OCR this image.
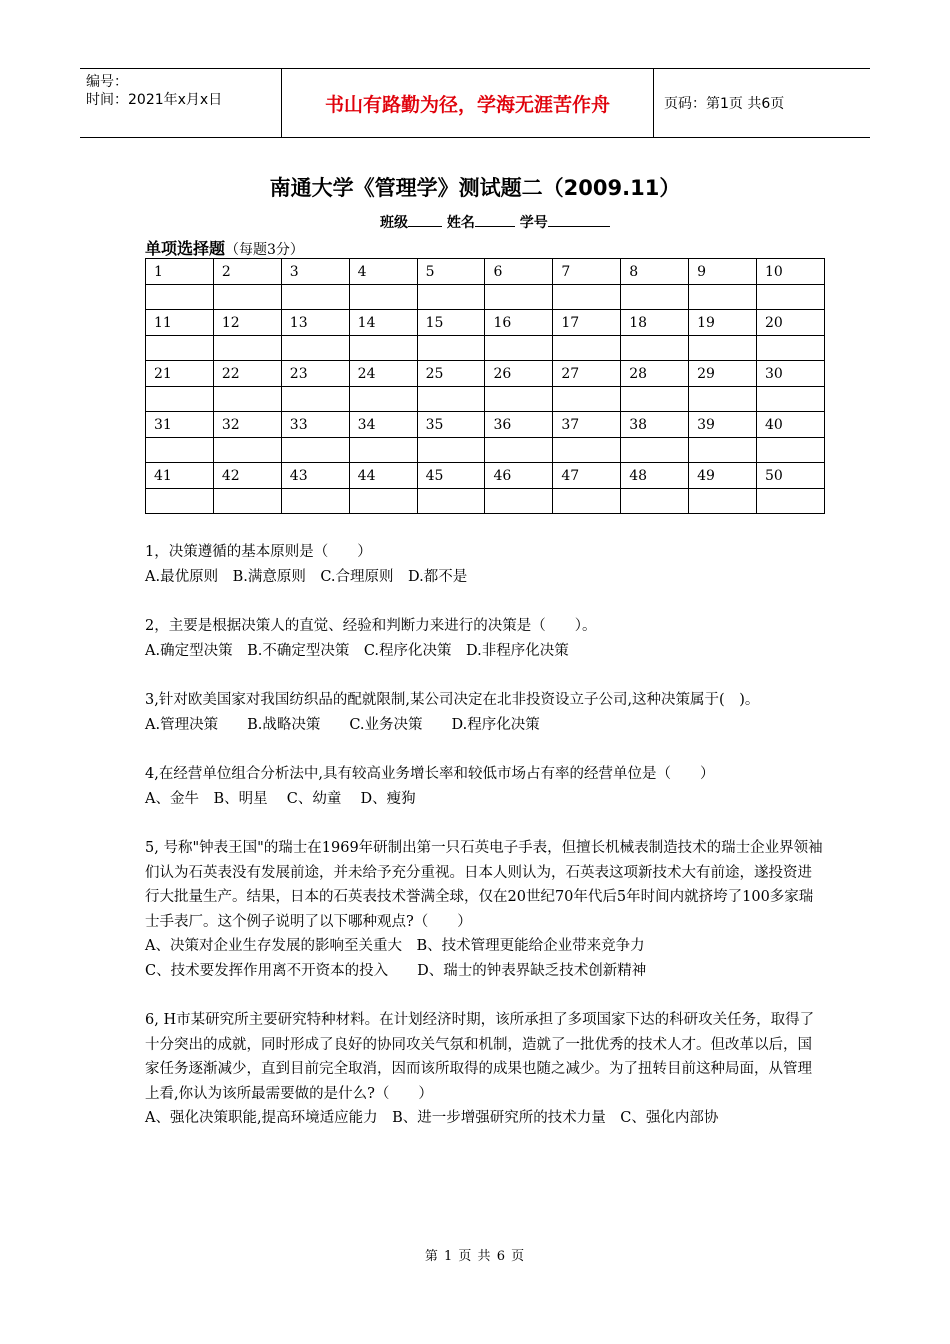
编号：
时间：2021年x月x日	书山有路勤为径，学海无涯苦作舟	页码：第1页 共6页
南通大学《管理学》测试题二（2009.11）
班级	姓名	学号
单项选择题（每题3分）
1	2	3	4	5	6	7	8	9	10

11	12	13	14	15	16	17	18	19	20

21	22	23	24	25	26	27	28	29	30

31	32	33	34	35	36	37	38	39	40

41	42	43	44	45	46	47	48	49	50

1，决策遵循的基本原则是（　　）

A.最优原则　B.满意原则　C.合理原则　D.都不是

2，主要是根据决策人的直觉、经验和判断力来进行的决策是（　　）。

A.确定型决策　B.不确定型决策　C.程序化决策　D.非程序化决策

3,针对欧美国家对我国纺织品的配就限制,某公司决定在北非投资设立子公司,这种决策属于(　)。

A.管理决策　　B.战略决策　　C.业务决策　　D.程序化决策

4,在经营单位组合分析法中,具有较高业务增长率和较低市场占有率的经营单位是（　　）

A、金牛　B、明星　 C、幼童　 D、瘦狗

5, 号称"钟表王国"的瑞士在1969年研制出第一只石英电子手表，但擅长机械表制造技术的瑞士企业界领袖们认为石英表没有发展前途，并未给予充分重视。日本人则认为，石英表这项新技术大有前途，遂投资进行大批量生产。结果，日本的石英表技术誉满全球，仅在20世纪70年代后5年时间内就挤垮了100多家瑞士手表厂。这个例子说明了以下哪种观点?（　　）

A、决策对企业生存发展的影响至关重大　B、技术管理更能给企业带来竞争力

C、技术要发挥作用离不开资本的投入　　D、瑞士的钟表界缺乏技术创新精神

6, H市某研究所主要研究特种材料。在计划经济时期，该所承担了多项国家下达的科研攻关任务，取得了十分突出的成就，同时形成了良好的协同攻关气氛和机制，造就了一批优秀的技术人才。但改革以后，国家任务逐渐减少，直到目前完全取消，因而该所取得的成果也随之减少。为了扭转目前这种局面，从管理上看,你认为该所最需要做的是什么?（　　）

A、强化决策职能,提高环境适应能力　B、进一步增强研究所的技术力量　C、强化内部协

第 1 页 共 6 页
